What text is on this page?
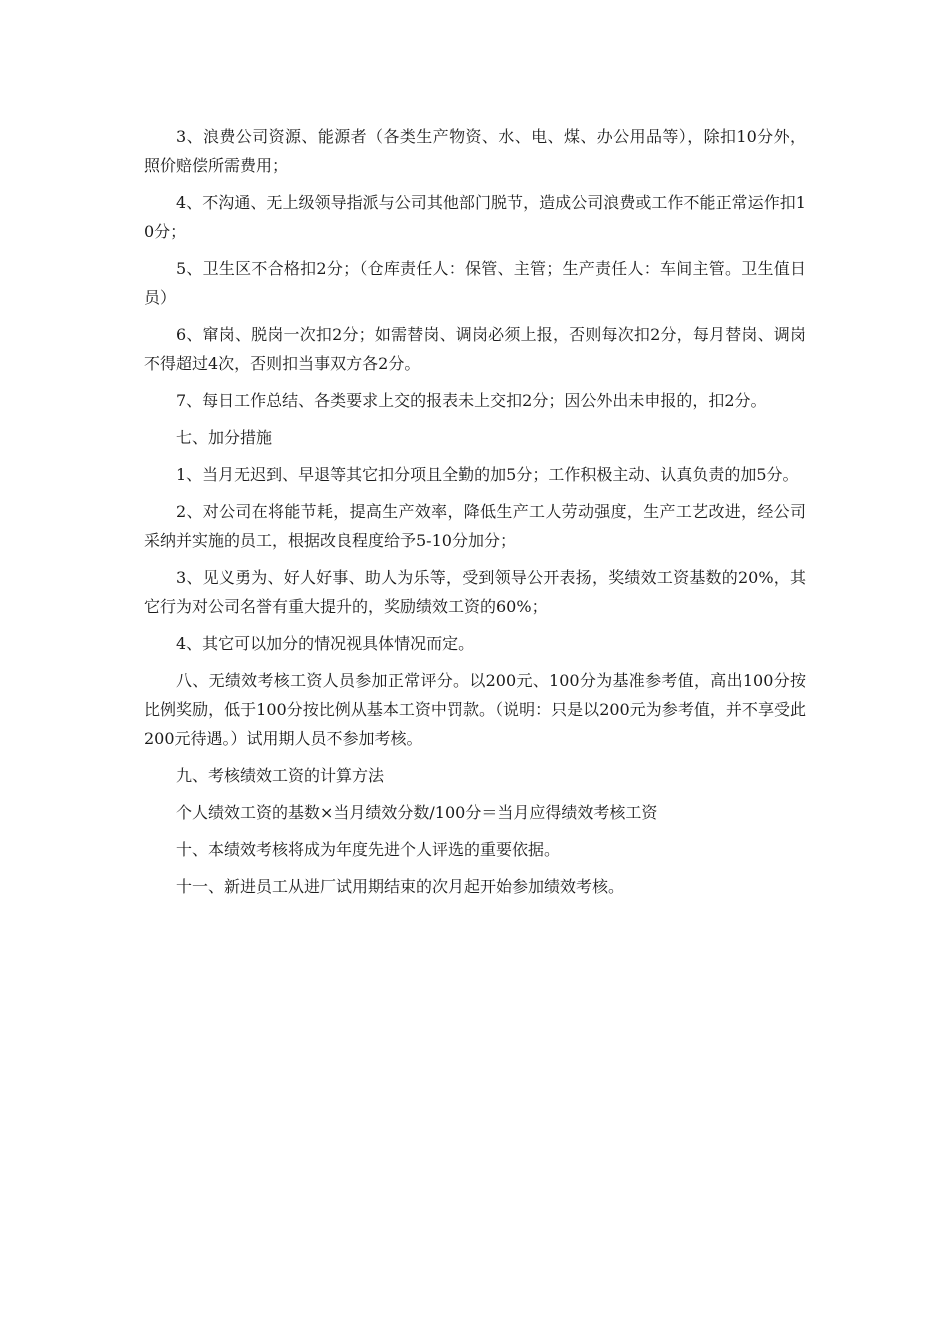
3、浪费公司资源、能源者（各类生产物资、水、电、煤、办公用品等），除扣10分外，照价赔偿所需费用；

4、不沟通、无上级领导指派与公司其他部门脱节，造成公司浪费或工作不能正常运作扣10分；

5、卫生区不合格扣2分；（仓库责任人：保管、主管；生产责任人：车间主管。卫生值日员）

6、窜岗、脱岗一次扣2分；如需替岗、调岗必须上报，否则每次扣2分，每月替岗、调岗不得超过4次，否则扣当事双方各2分。

7、每日工作总结、各类要求上交的报表未上交扣2分；因公外出未申报的，扣2分。

七、加分措施

1、当月无迟到、早退等其它扣分项且全勤的加5分；工作积极主动、认真负责的加5分。

2、对公司在将能节耗，提高生产效率，降低生产工人劳动强度，生产工艺改进，经公司采纳并实施的员工，根据改良程度给予5-10分加分；

3、见义勇为、好人好事、助人为乐等，受到领导公开表扬，奖绩效工资基数的20%，其它行为对公司名誉有重大提升的，奖励绩效工资的60%；

4、其它可以加分的情况视具体情况而定。

八、无绩效考核工资人员参加正常评分。以200元、100分为基准参考值，高出100分按比例奖励，低于100分按比例从基本工资中罚款。（说明：只是以200元为参考值，并不享受此200元待遇。）试用期人员不参加考核。

九、考核绩效工资的计算方法

个人绩效工资的基数×当月绩效分数/100分＝当月应得绩效考核工资

十、本绩效考核将成为年度先进个人评选的重要依据。

十一、新进员工从进厂试用期结束的次月起开始参加绩效考核。
